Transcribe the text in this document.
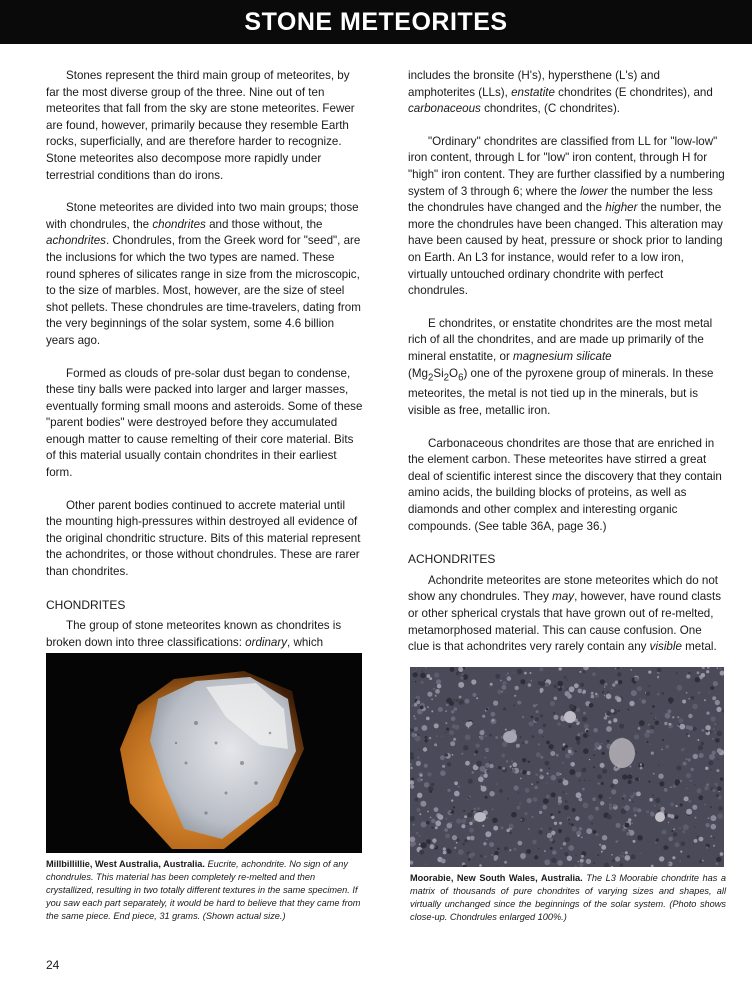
STONE METEORITES

Stones represent the third main group of meteorites, by far the most diverse group of the three. Nine out of ten meteorites that fall from the sky are stone meteorites. Fewer are found, however, primarily because they resemble Earth rocks, superficially, and are therefore harder to recognize. Stone meteorites also decompose more rapidly under terrestrial conditions than do irons.

Stone meteorites are divided into two main groups; those with chondrules, the chondrites and those without, the achondrites. Chondrules, from the Greek word for "seed", are the inclusions for which the two types are named. These round spheres of silicates range in size from the microscopic, to the size of marbles. Most, however, are the size of steel shot pellets. These chondrules are time-travelers, dating from the very beginnings of the solar system, some 4.6 billion years ago.

Formed as clouds of pre-solar dust began to condense, these tiny balls were packed into larger and larger masses, eventually forming small moons and asteroids. Some of these "parent bodies" were destroyed before they accumulated enough matter to cause remelting of their core material. Bits of this material usually contain chondrites in their earliest form.

Other parent bodies continued to accrete material until the mounting high-pressures within destroyed all evidence of the original chondritic structure. Bits of this material represent the achondrites, or those without chondrules. These are rarer than chondrites.

CHONDRITES

The group of stone meteorites known as chondrites is broken down into three classifications: ordinary, which

includes the bronsite (H's), hypersthene (L's) and amphoterites (LLs), enstatite chondrites (E chondrites), and carbonaceous chondrites, (C chondrites).

"Ordinary" chondrites are classified from LL for "low-low" iron content, through L for "low" iron content, through H for "high" iron content. They are further classified by a numbering system of 3 through 6; where the lower the number the less the chondrules have changed and the higher the number, the more the chondrules have been changed. This alteration may have been caused by heat, pressure or shock prior to landing on Earth. An L3 for instance, would refer to a low iron, virtually untouched ordinary chondrite with perfect chondrules.

E chondrites, or enstatite chondrites are the most metal rich of all the chondrites, and are made up primarily of the mineral enstatite, or magnesium silicate
$(Mg_2Si_2O_6)$ one of the pyroxene group of minerals. In these meteorites, the metal is not tied up in the minerals, but is visible as free, metallic iron.

Carbonaceous chondrites are those that are enriched in the element carbon. These meteorites have stirred a great deal of scientific interest since the discovery that they contain amino acids, the building blocks of proteins, as well as diamonds and other complex and interesting organic compounds. (See table 36A, page 36.)

ACHONDRITES

Achondrite meteorites are stone meteorites which do not show any chondrules. They may, however, have round clasts or other spherical crystals that have grown out of re-melted, metamorphosed material. This can cause confusion. One clue is that achondrites very rarely contain any visible metal.

Millbillillie, West Australia, Australia. Eucrite, achondrite. No sign of any chondrules. This material has been completely re-melted and then crystallized, resulting in two totally different textures in the same specimen. If you saw each part separately, it would be hard to believe that they came from the same piece. End piece, 31 grams. (Shown actual size.)
Moorabie, New South Wales, Australia. The L3 Moorabie chondrite has a matrix of thousands of pure chondrites of varying sizes and shapes, all virtually unchanged since the beginnings of the solar system. (Photo shows close-up. Chondrules enlarged 100%.)
24
